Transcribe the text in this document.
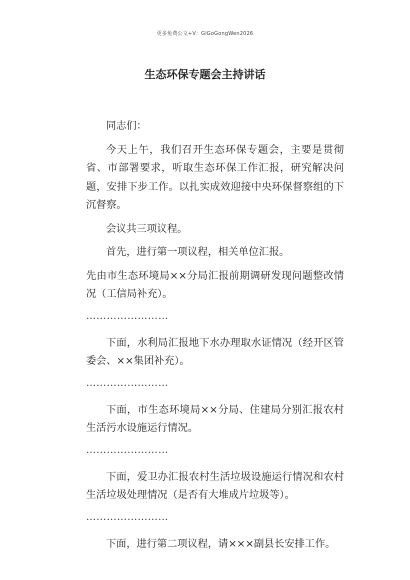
更多免费公文+V：GiGoGongWen2026
生态环保专题会主持讲话

同志们：

今天上午，我们召开生态环保专题会，主要是贯彻省、市部署要求，听取生态环保工作汇报，研究解决问题，安排下步工作。以扎实成效迎接中央环保督察组的下沉督察。

会议共三项议程。

首先，进行第一项议程，相关单位汇报。

先由市生态环境局××分局汇报前期调研发现问题整改情况（工信局补充）。

……………………

下面，水利局汇报地下水办理取水证情况（经开区管委会、××集团补充）。

……………………

下面，市生态环境局××分局、住建局分别汇报农村生活污水设施运行情况。

……………………

下面，爱卫办汇报农村生活垃圾设施运行情况和农村生活垃圾处理情况（是否有大堆成片垃圾等）。

……………………

下面，进行第二项议程，请×××副县长安排工作。
